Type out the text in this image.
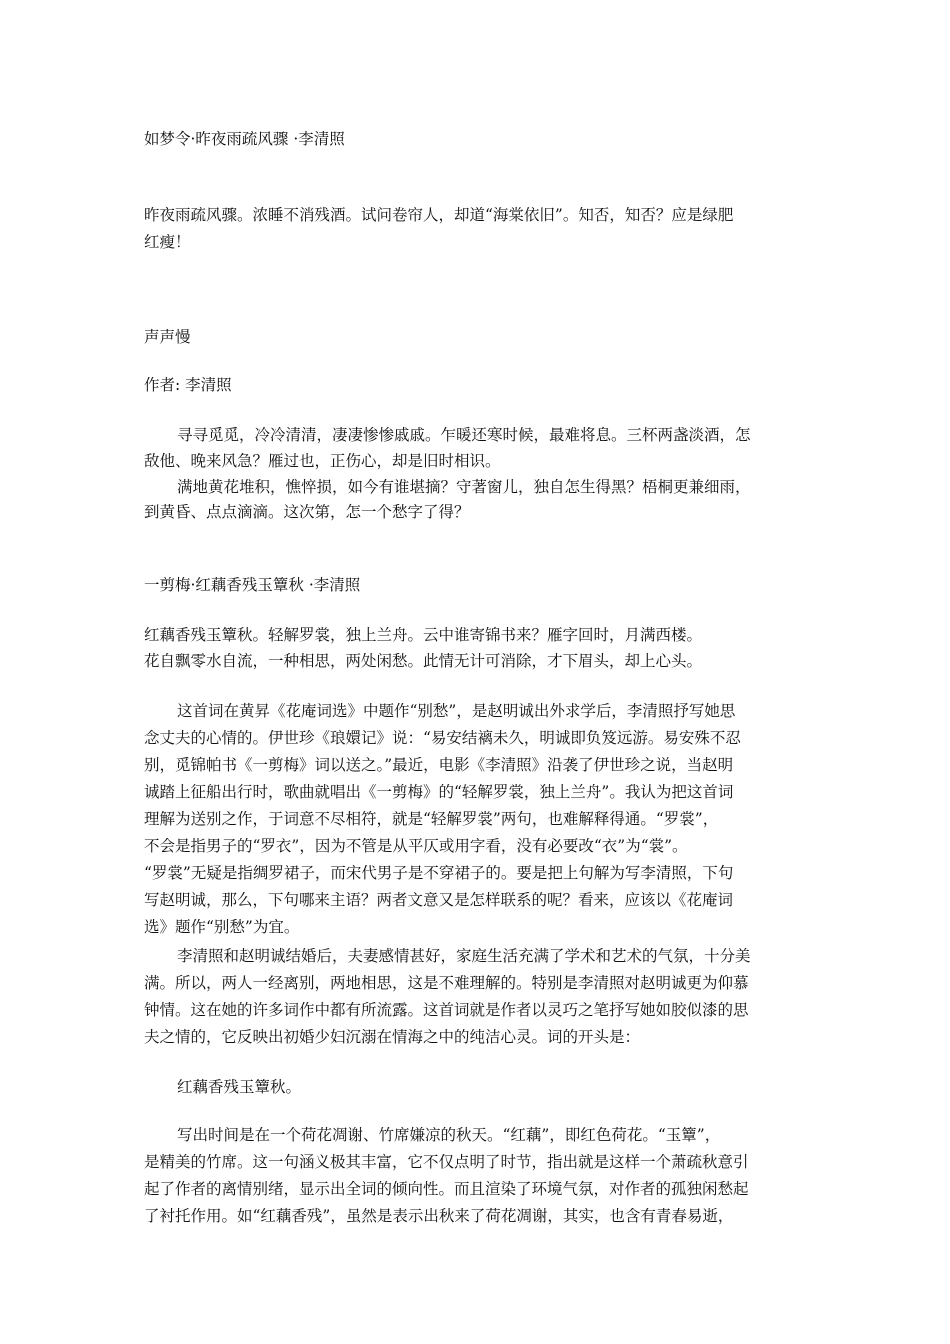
如梦令·昨夜雨疏风骤 ·李清照
昨夜雨疏风骤。浓睡不消残酒。试问卷帘人，却道“海棠依旧”。知否，知否？应是绿肥
红瘦！
声声慢
作者: 李清照
寻寻觅觅，冷冷清清，凄凄惨惨戚戚。乍暖还寒时候，最难将息。三杯两盏淡酒，怎
敌他、晚来风急？雁过也，正伤心，却是旧时相识。
满地黄花堆积，憔悴损，如今有谁堪摘？守著窗儿，独自怎生得黑？梧桐更兼细雨，
到黄昏、点点滴滴。这次第，怎一个愁字了得？
一剪梅·红藕香残玉簟秋 ·李清照
红藕香残玉簟秋。轻解罗裳，独上兰舟。云中谁寄锦书来？雁字回时，月满西楼。
花自飘零水自流，一种相思，两处闲愁。此情无计可消除，才下眉头，却上心头。
这首词在黄昇《花庵词选》中题作“别愁”，是赵明诚出外求学后，李清照抒写她思
念丈夫的心情的。伊世珍《琅嬛记》说：“易安结褵未久，明诚即负笈远游。易安殊不忍
别，觅锦帕书《一剪梅》词以送之。”最近，电影《李清照》沿袭了伊世珍之说，当赵明
诚踏上征船出行时，歌曲就唱出《一剪梅》的“轻解罗裳，独上兰舟”。我认为把这首词
理解为送别之作，于词意不尽相符，就是“轻解罗裳”两句，也难解释得通。“罗裳”，
不会是指男子的“罗衣”，因为不管是从平仄或用字看，没有必要改“衣”为“裳”。
“罗裳”无疑是指绸罗裙子，而宋代男子是不穿裙子的。要是把上句解为写李清照，下句
写赵明诚，那么，下句哪来主语？两者文意又是怎样联系的呢？看来，应该以《花庵词
选》题作“别愁”为宜。
李清照和赵明诚结婚后，夫妻感情甚好，家庭生活充满了学术和艺术的气氛，十分美
满。所以，两人一经离别，两地相思，这是不难理解的。特别是李清照对赵明诚更为仰慕
钟情。这在她的许多词作中都有所流露。这首词就是作者以灵巧之笔抒写她如胶似漆的思
夫之情的，它反映出初婚少妇沉溺在情海之中的纯洁心灵。词的开头是：
红藕香残玉簟秋。
写出时间是在一个荷花凋谢、竹席嫌凉的秋天。“红藕”，即红色荷花。“玉簟”，
是精美的竹席。这一句涵义极其丰富，它不仅点明了时节，指出就是这样一个萧疏秋意引
起了作者的离情别绪，显示出全词的倾向性。而且渲染了环境气氛，对作者的孤独闲愁起
了衬托作用。如“红藕香残”，虽然是表示出秋来了荷花凋谢，其实，也含有青春易逝，
